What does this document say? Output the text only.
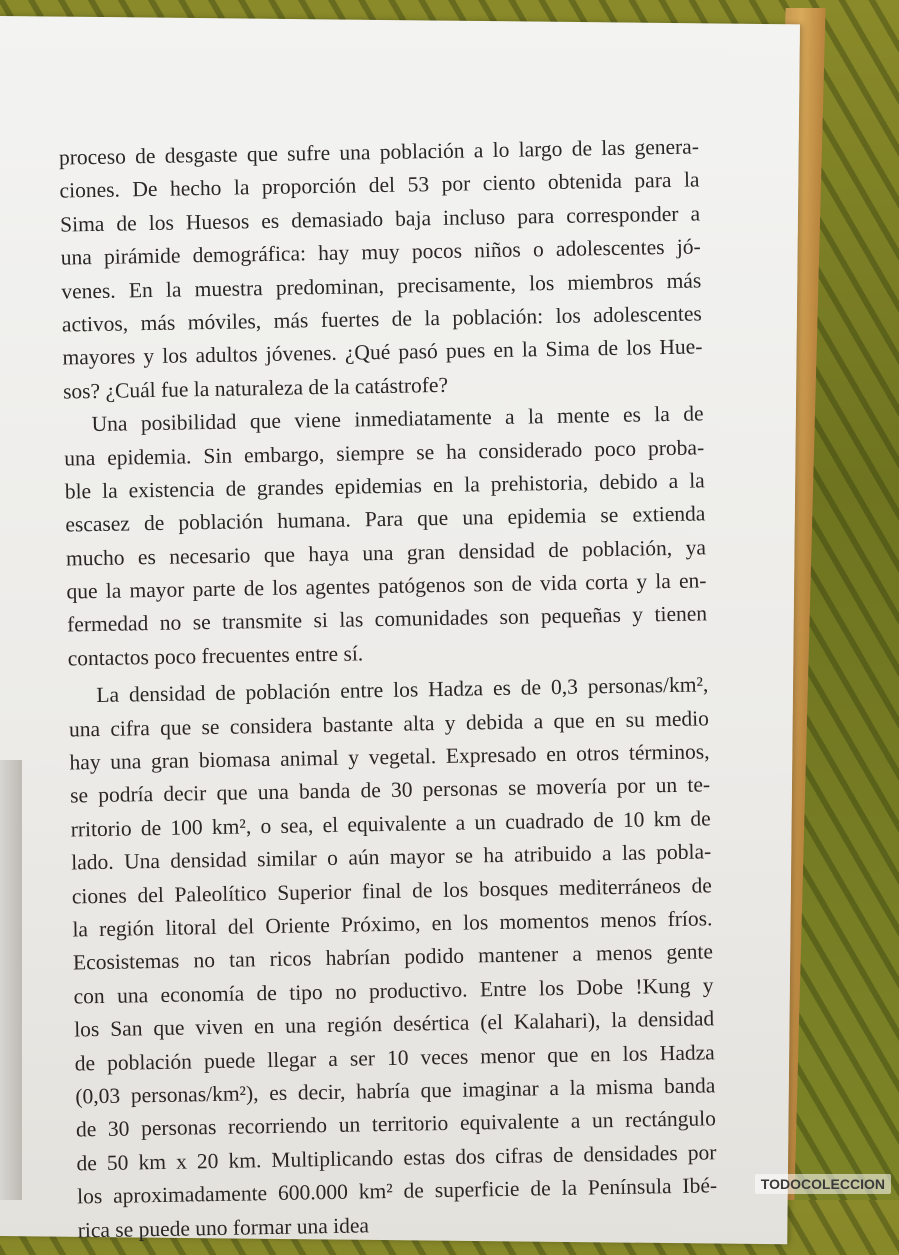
proceso de desgaste que sufre una población a lo largo de las genera-
ciones. De hecho la proporción del 53 por ciento obtenida para la
Sima de los Huesos es demasiado baja incluso para corresponder a
una pirámide demográfica: hay muy pocos niños o adolescentes jó-
venes. En la muestra predominan, precisamente, los miembros más
activos, más móviles, más fuertes de la población: los adolescentes
mayores y los adultos jóvenes. ¿Qué pasó pues en la Sima de los Hue-
sos? ¿Cuál fue la naturaleza de la catástrofe?
Una posibilidad que viene inmediatamente a la mente es la de
una epidemia. Sin embargo, siempre se ha considerado poco proba-
ble la existencia de grandes epidemias en la prehistoria, debido a la
escasez de población humana. Para que una epidemia se extienda
mucho es necesario que haya una gran densidad de población, ya
que la mayor parte de los agentes patógenos son de vida corta y la en-
fermedad no se transmite si las comunidades son pequeñas y tienen
contactos poco frecuentes entre sí.
La densidad de población entre los Hadza es de 0,3 personas/km²,
una cifra que se considera bastante alta y debida a que en su medio
hay una gran biomasa animal y vegetal. Expresado en otros términos,
se podría decir que una banda de 30 personas se movería por un te-
rritorio de 100 km², o sea, el equivalente a un cuadrado de 10 km de
lado. Una densidad similar o aún mayor se ha atribuido a las pobla-
ciones del Paleolítico Superior final de los bosques mediterráneos de
la región litoral del Oriente Próximo, en los momentos menos fríos.
Ecosistemas no tan ricos habrían podido mantener a menos gente
con una economía de tipo no productivo. Entre los Dobe !Kung y
los San que viven en una región desértica (el Kalahari), la densidad
de población puede llegar a ser 10 veces menor que en los Hadza
(0,03 personas/km²), es decir, habría que imaginar a la misma banda
de 30 personas recorriendo un territorio equivalente a un rectángulo
de 50 km x 20 km. Multiplicando estas dos cifras de densidades por
los aproximadamente 600.000 km² de superficie de la Península Ibé-
rica se puede uno formar una idea
TODOCOLECCION
